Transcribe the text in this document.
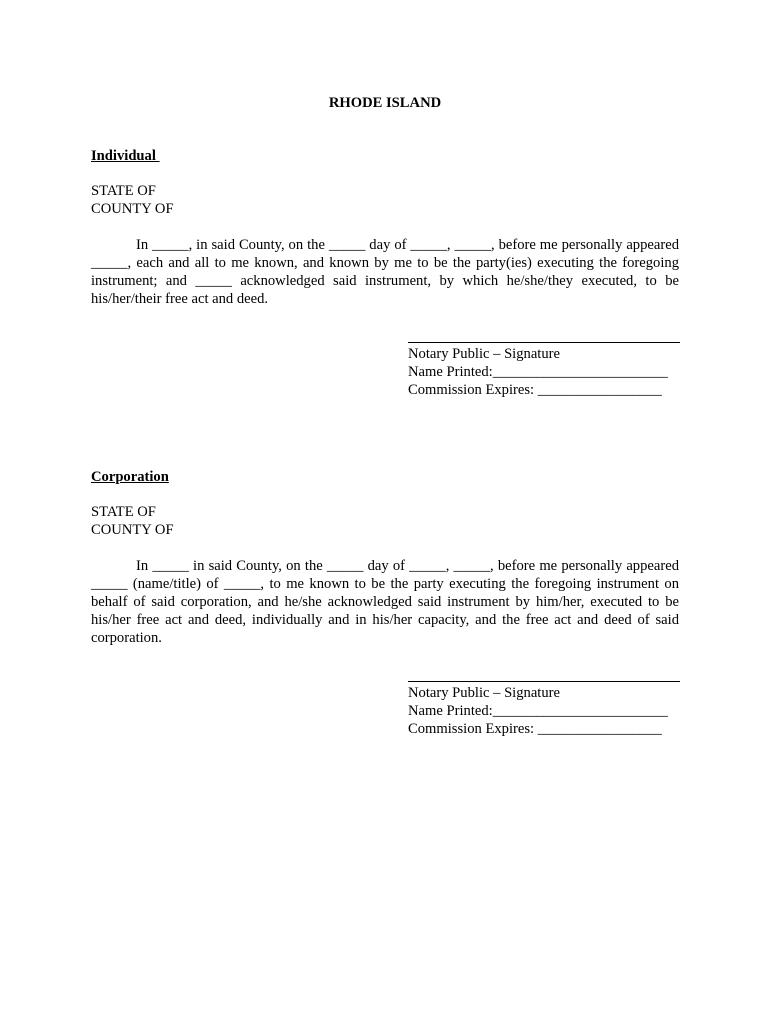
RHODE ISLAND
Individual
STATE OF
COUNTY OF
In _____, in said County, on the _____ day of _____, _____, before me personally appeared _____, each and all to me known, and known by me to be the party(ies) executing the foregoing instrument; and _____ acknowledged said instrument, by which he/she/they executed, to be his/her/their free act and deed.
Notary Public – Signature
Name Printed:________________________
Commission Expires: _________________
Corporation
STATE OF
COUNTY OF
In _____ in said County, on the _____ day of _____, _____, before me personally appeared _____ (name/title) of _____, to me known to be the party executing the foregoing instrument on behalf of said corporation, and he/she acknowledged said instrument by him/her, executed to be his/her free act and deed, individually and in his/her capacity, and the free act and deed of said corporation.
Notary Public – Signature
Name Printed:________________________
Commission Expires: _________________
